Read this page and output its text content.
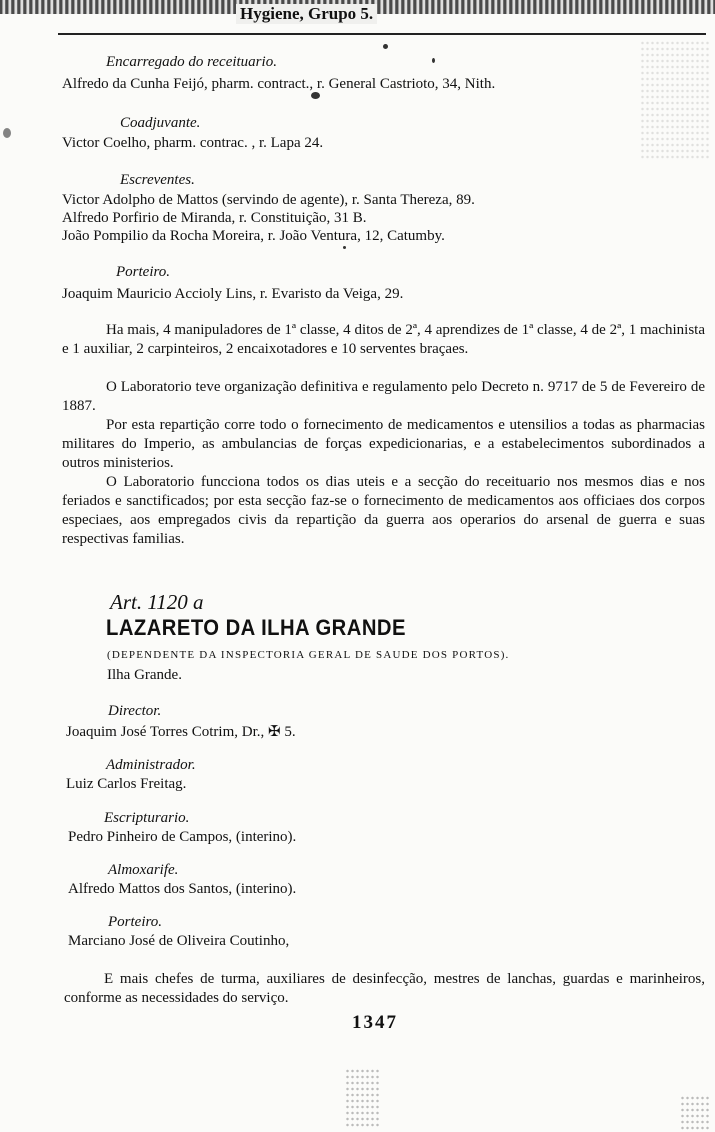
Hygiene, Grupo 5.
Encarregado do receituario.
Alfredo da Cunha Feijó, pharm. contract., r. General Castrioto, 34, Nith.
Coadjuvante.
Victor Coelho, pharm. contrac. , r. Lapa 24.
Escreventes.
Victor Adolpho de Mattos (servindo de agente), r. Santa Thereza, 89.
Alfredo Porfirio de Miranda, r. Constituição, 31 B.
João Pompilio da Rocha Moreira, r. João Ventura, 12, Catumby.
Porteiro.
Joaquim Mauricio Accioly Lins, r. Evaristo da Veiga, 29.
Ha mais, 4 manipuladores de 1ª classe, 4 ditos de 2ª, 4 aprendizes de 1ª classe, 4 de 2ª, 1 machinista e 1 auxiliar, 2 carpinteiros, 2 encaixotadores e 10 serventes braçaes.
O Laboratorio teve organização definitiva e regulamento pelo Decreto n. 9717 de 5 de Fevereiro de 1887.
Por esta repartição corre todo o fornecimento de medicamentos e utensilios a todas as pharmacias militares do Imperio, as ambulancias de forças expedicionarias, e a estabelecimentos subordinados a outros ministerios.
O Laboratorio funcciona todos os dias uteis e a secção do receituario nos mesmos dias e nos feriados e sanctificados; por esta secção faz-se o fornecimento de medicamentos aos officiaes dos corpos especiaes, aos empregados civis da repartição da guerra aos operarios do arsenal de guerra e suas respectivas familias.
Art. 1120 a
LAZARETO DA ILHA GRANDE
(DEPENDENTE DA INSPECTORIA GERAL DE SAUDE DOS PORTOS).
Ilha Grande.
Director.
Joaquim José Torres Cotrim, Dr., ✠ 5.
Administrador.
Luiz Carlos Freitag.
Escripturario.
Pedro Pinheiro de Campos, (interino).
Almoxarife.
Alfredo Mattos dos Santos, (interino).
Porteiro.
Marciano José de Oliveira Coutinho,
E mais chefes de turma, auxiliares de desinfecção, mestres de lanchas, guardas e marinheiros, conforme as necessidades do serviço.
1347
